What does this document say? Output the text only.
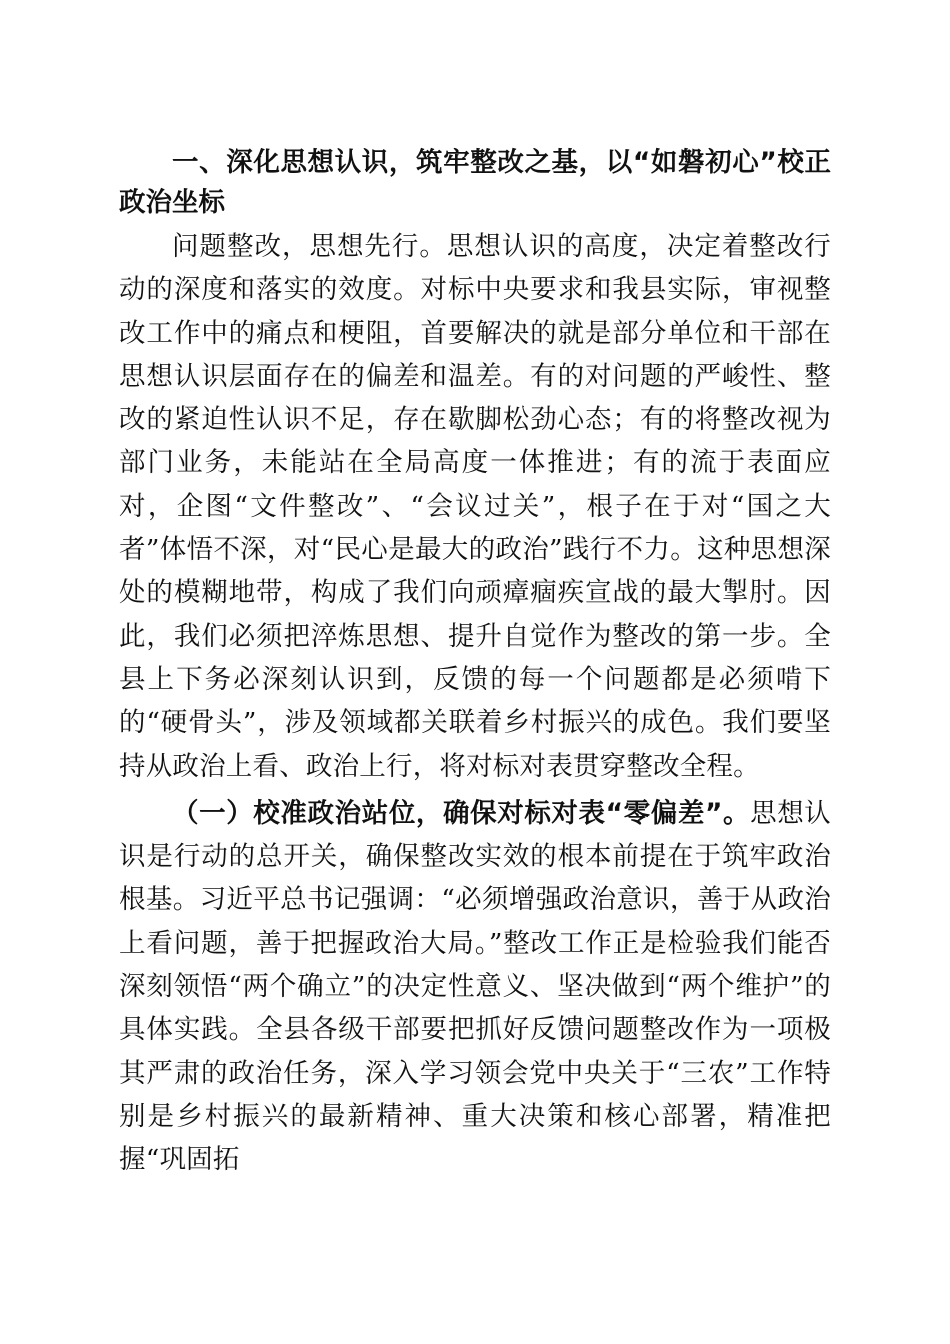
一、深化思想认识，筑牢整改之基，以“如磐初心”校正政治坐标

问题整改，思想先行。思想认识的高度，决定着整改行动的深度和落实的效度。对标中央要求和我县实际，审视整改工作中的痛点和梗阻，首要解决的就是部分单位和干部在思想认识层面存在的偏差和温差。有的对问题的严峻性、整改的紧迫性认识不足，存在歇脚松劲心态；有的将整改视为部门业务，未能站在全局高度一体推进；有的流于表面应对，企图“文件整改”、“会议过关”，根子在于对“国之大者”体悟不深，对“民心是最大的政治”践行不力。这种思想深处的模糊地带，构成了我们向顽瘴痼疾宣战的最大掣肘。因此，我们必须把淬炼思想、提升自觉作为整改的第一步。全县上下务必深刻认识到，反馈的每一个问题都是必须啃下的“硬骨头”，涉及领域都关联着乡村振兴的成色。我们要坚持从政治上看、政治上行，将对标对表贯穿整改全程。

（一）校准政治站位，确保对标对表“零偏差”。思想认识是行动的总开关，确保整改实效的根本前提在于筑牢政治根基。习近平总书记强调：“必须增强政治意识，善于从政治上看问题，善于把握政治大局。”整改工作正是检验我们能否深刻领悟“两个确立”的决定性意义、坚决做到“两个维护”的具体实践。全县各级干部要把抓好反馈问题整改作为一项极其严肃的政治任务，深入学习领会党中央关于“三农”工作特别是乡村振兴的最新精神、重大决策和核心部署，精准把握“巩固拓
